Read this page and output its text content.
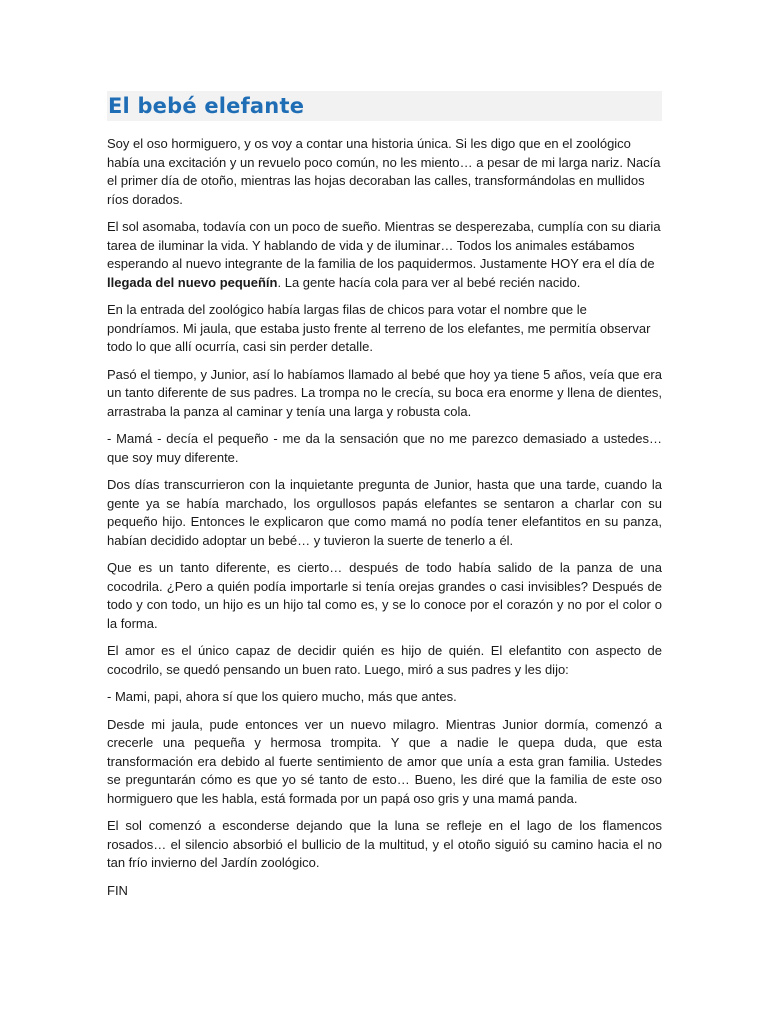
El bebé elefante

Soy el oso hormiguero, y os voy a contar una historia única. Si les digo que en el zoológico había una excitación y un revuelo poco común, no les miento… a pesar de mi larga nariz. Nacía el primer día de otoño, mientras las hojas decoraban las calles, transformándolas en mullidos ríos dorados.

El sol asomaba, todavía con un poco de sueño. Mientras se desperezaba, cumplía con su diaria tarea de iluminar la vida. Y hablando de vida y de iluminar… Todos los animales estábamos esperando al nuevo integrante de la familia de los paquidermos. Justamente HOY era el día de llegada del nuevo pequeñín. La gente hacía cola para ver al bebé recién nacido.

En la entrada del zoológico había largas filas de chicos para votar el nombre que le pondríamos. Mi jaula, que estaba justo frente al terreno de los elefantes, me permitía observar todo lo que allí ocurría, casi sin perder detalle.

Pasó el tiempo, y Junior, así lo habíamos llamado al bebé que hoy ya tiene 5 años, veía que era un tanto diferente de sus padres. La trompa no le crecía, su boca era enorme y llena de dientes, arrastraba la panza al caminar y tenía una larga y robusta cola.

- Mamá - decía el pequeño - me da la sensación que no me parezco demasiado a ustedes… que soy muy diferente.

Dos días transcurrieron con la inquietante pregunta de Junior, hasta que una tarde, cuando la gente ya se había marchado, los orgullosos papás elefantes se sentaron a charlar con su pequeño hijo. Entonces le explicaron que como mamá no podía tener elefantitos en su panza, habían decidido adoptar un bebé… y tuvieron la suerte de tenerlo a él.

Que es un tanto diferente, es cierto… después de todo había salido de la panza de una cocodrila. ¿Pero a quién podía importarle si tenía orejas grandes o casi invisibles? Después de todo y con todo, un hijo es un hijo tal como es, y se lo conoce por el corazón y no por el color o la forma.

El amor es el único capaz de decidir quién es hijo de quién. El elefantito con aspecto de cocodrilo, se quedó pensando un buen rato. Luego, miró a sus padres y les dijo:

- Mami, papi, ahora sí que los quiero mucho, más que antes.

Desde mi jaula, pude entonces ver un nuevo milagro. Mientras Junior dormía, comenzó a crecerle una pequeña y hermosa trompita. Y que a nadie le quepa duda, que esta transformación era debido al fuerte sentimiento de amor que unía a esta gran familia. Ustedes se preguntarán cómo es que yo sé tanto de esto… Bueno, les diré que la familia de este oso hormiguero que les habla, está formada por un papá oso gris y una mamá panda.

El sol comenzó a esconderse dejando que la luna se refleje en el lago de los flamencos rosados… el silencio absorbió el bullicio de la multitud, y el otoño siguió su camino hacia el no tan frío invierno del Jardín zoológico.

FIN
